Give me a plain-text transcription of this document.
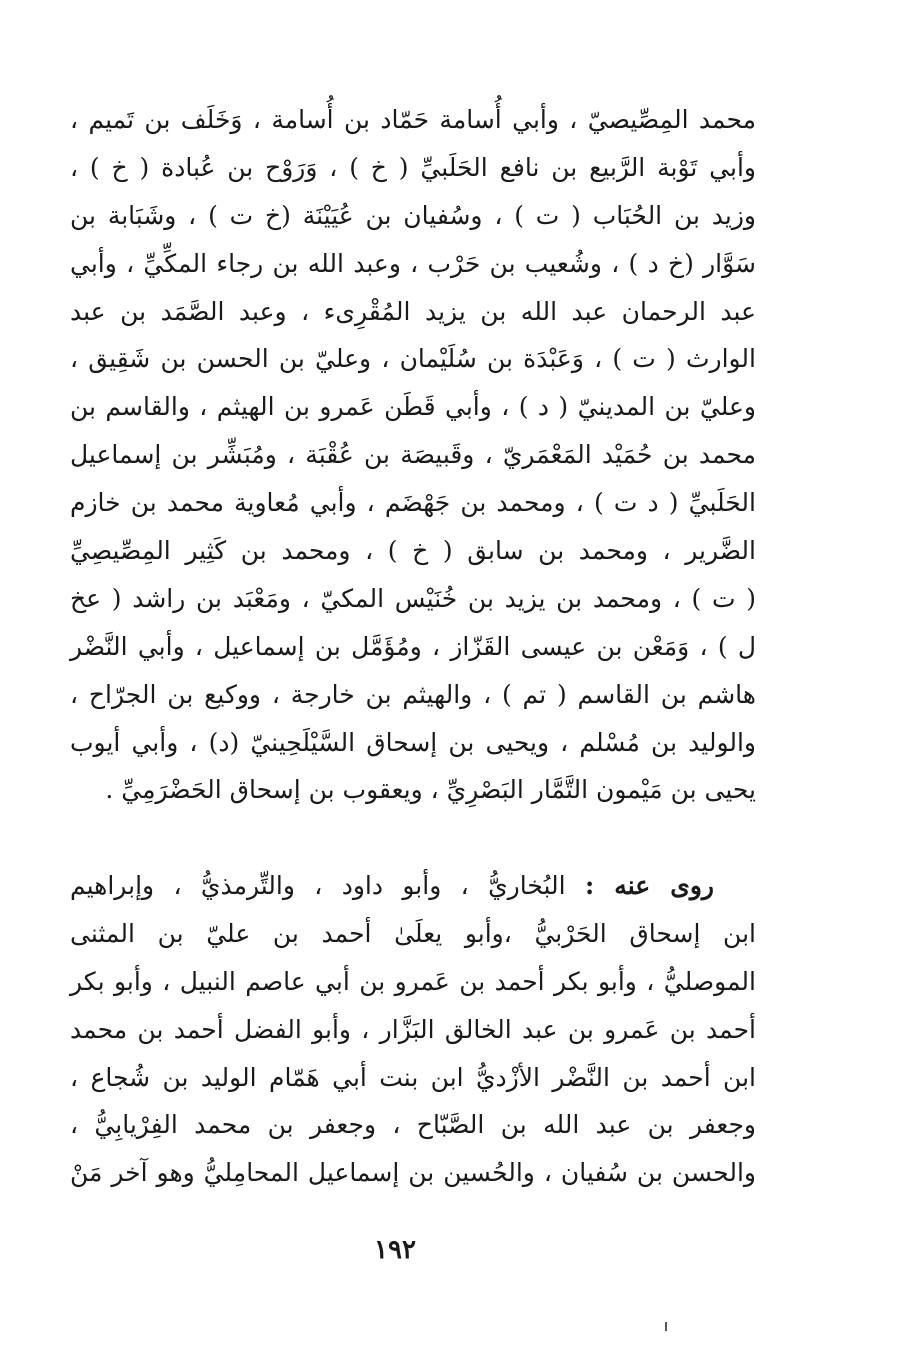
محمد المِصِّيصيّ ، وأبي أُسامة حَمّاد بن أُسامة ، وَخَلَف بن تَميم ،
وأبي تَوْبة الرَّبيع بن نافع الحَلَبيِّ ( خ ) ، وَرَوْح بن عُبادة ( خ ) ،
وزيد بن الحُبَاب ( ت ) ، وسُفيان بن عُيَيْنَة (خ ت ) ، وشَبَابة بن
سَوَّار (خ د ) ، وشُعيب بن حَرْب ، وعبد الله بن رجاء المكِّيِّ ، وأبي
عبد الرحمان عبد الله بن يزيد المُقْرِىء ، وعبد الصَّمَد بن عبد
الوارث ( ت ) ، وَعَبْدَة بن سُلَيْمان ، وعليّ بن الحسن بن شَقِيق ،
وعليّ بن المدينيّ ( د ) ، وأبي قَطَن عَمرو بن الهيثم ، والقاسم بن
محمد بن حُمَيْد المَعْمَريّ ، وقَبيصَة بن عُقْبَة ، ومُبَشِّر بن إسماعيل
الحَلَبيِّ ( د ت ) ، ومحمد بن جَهْضَم ، وأبي مُعاوية محمد بن خازم
الضَّرير ، ومحمد بن سابق ( خ ) ، ومحمد بن كَثِير المِصِّيصِيِّ
( ت ) ، ومحمد بن يزيد بن خُنَيْس المكيّ ، ومَعْبَد بن راشد ( عخ
ل ) ، وَمَعْن بن عيسى القَزّاز ، ومُؤَمَّل بن إسماعيل ، وأبي النَّضْر
هاشم بن القاسم ( تم ) ، والهيثم بن خارجة ، ووكيع بن الجرّاح ،
والوليد بن مُسْلم ، ويحيى بن إسحاق السَّيْلَحِينيّ (د) ، وأبي أيوب
يحيى بن مَيْمون التَّمَّار البَصْرِيِّ ، ويعقوب بن إسحاق الحَضْرَمِيِّ .
روى عنه : البُخاريُّ ، وأبو داود ، والتِّرمذيُّ ، وإبراهيم
ابن إسحاق الحَرْبيُّ ،وأبو يعلَىٰ أحمد بن عليّ بن المثنى
الموصليُّ ، وأبو بكر أحمد بن عَمرو بن أبي عاصم النبيل ، وأبو بكر
أحمد بن عَمرو بن عبد الخالق البَزَّار ، وأبو الفضل أحمد بن محمد
ابن أحمد بن النَّضْر الأزْديُّ ابن بنت أبي هَمّام الوليد بن شُجاع ،
وجعفر بن عبد الله بن الصَّبّاح ، وجعفر بن محمد الفِرْيابِيُّ ،
والحسن بن سُفيان ، والحُسين بن إسماعيل المحامِليُّ وهو آخر مَنْ
١٩٢
